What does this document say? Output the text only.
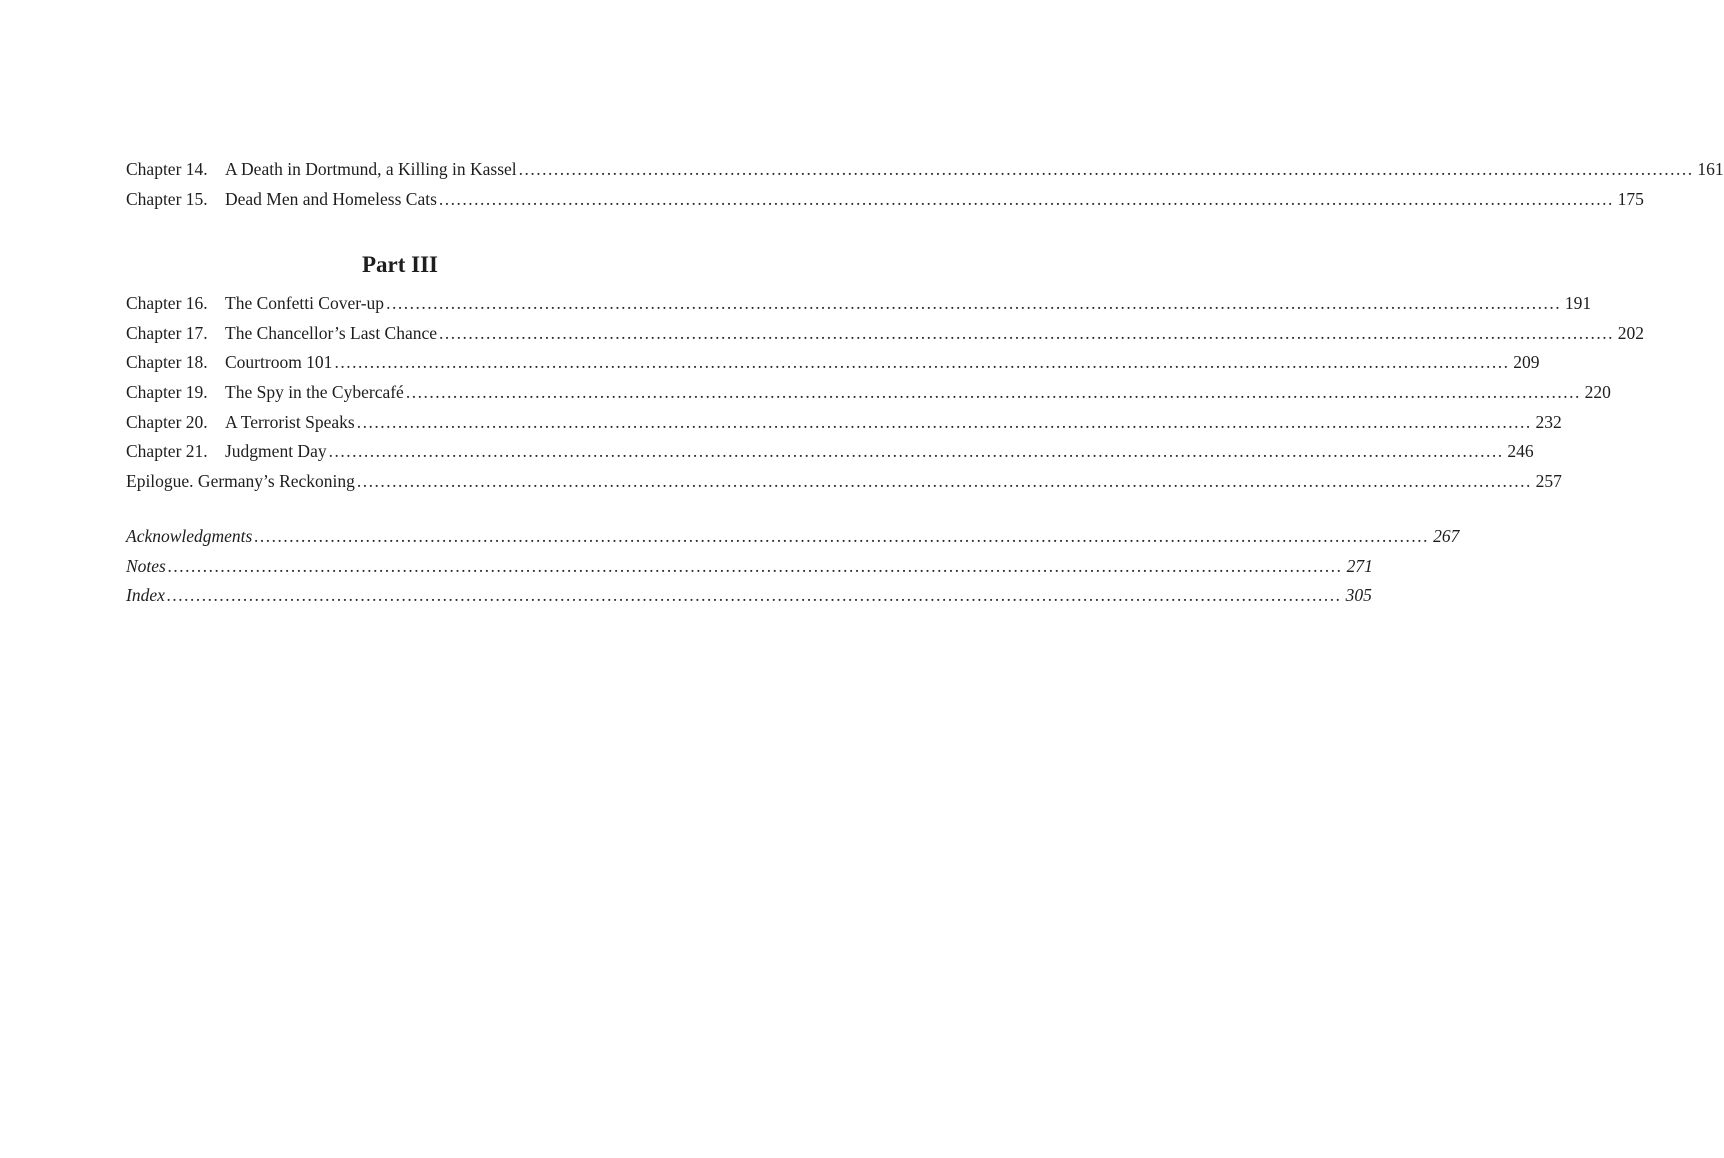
Chapter 14. A Death in Dortmund, a Killing in Kassel ........................................................................................................................................................................................................ 161
Chapter 15. Dead Men and Homeless Cats ........................................................................................................................................................................................................ 175
Part III
Chapter 16. The Confetti Cover-up ........................................................................................................................................................................................................ 191
Chapter 17. The Chancellor’s Last Chance ........................................................................................................................................................................................................ 202
Chapter 18. Courtroom 101 ........................................................................................................................................................................................................ 209
Chapter 19. The Spy in the Cybercafé ........................................................................................................................................................................................................ 220
Chapter 20. A Terrorist Speaks ........................................................................................................................................................................................................ 232
Chapter 21. Judgment Day ........................................................................................................................................................................................................ 246
Epilogue. Germany’s Reckoning ........................................................................................................................................................................................................ 257
Acknowledgments ........................................................................................................................................................................................................ 267
Notes ........................................................................................................................................................................................................ 271
Index ........................................................................................................................................................................................................ 305
